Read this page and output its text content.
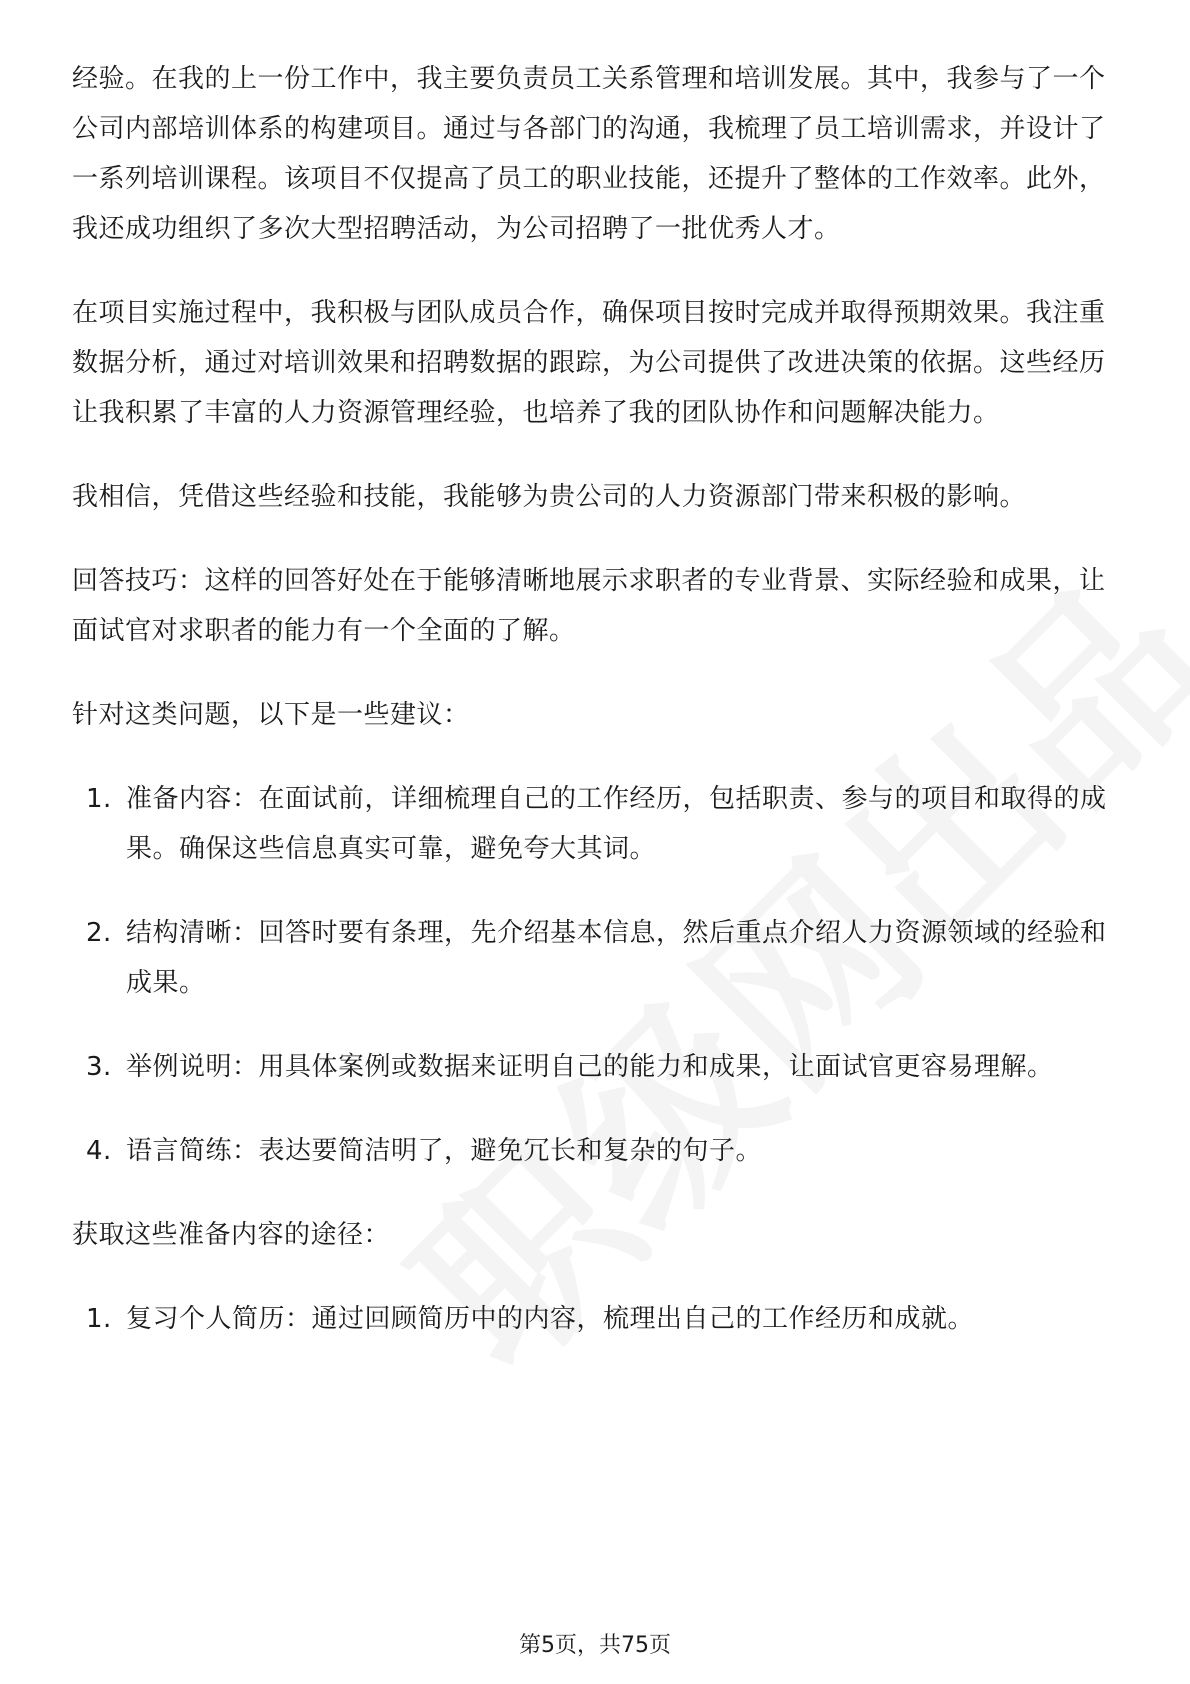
经验。在我的上一份工作中，我主要负责员工关系管理和培训发展。其中，我参与了一个公司内部培训体系的构建项目。通过与各部门的沟通，我梳理了员工培训需求，并设计了一系列培训课程。该项目不仅提高了员工的职业技能，还提升了整体的工作效率。此外，我还成功组织了多次大型招聘活动，为公司招聘了一批优秀人才。

在项目实施过程中，我积极与团队成员合作，确保项目按时完成并取得预期效果。我注重数据分析，通过对培训效果和招聘数据的跟踪，为公司提供了改进决策的依据。这些经历让我积累了丰富的人力资源管理经验，也培养了我的团队协作和问题解决能力。

我相信，凭借这些经验和技能，我能够为贵公司的人力资源部门带来积极的影响。

回答技巧：这样的回答好处在于能够清晰地展示求职者的专业背景、实际经验和成果，让面试官对求职者的能力有一个全面的了解。

针对这类问题，以下是一些建议：

1. 准备内容：在面试前，详细梳理自己的工作经历，包括职责、参与的项目和取得的成果。确保这些信息真实可靠，避免夸大其词。
2. 结构清晰：回答时要有条理，先介绍基本信息，然后重点介绍人力资源领域的经验和成果。
3. 举例说明：用具体案例或数据来证明自己的能力和成果，让面试官更容易理解。
4. 语言简练：表达要简洁明了，避免冗长和复杂的句子。

获取这些准备内容的途径：

1. 复习个人简历：通过回顾简历中的内容，梳理出自己的工作经历和成就。
第5页，共75页
